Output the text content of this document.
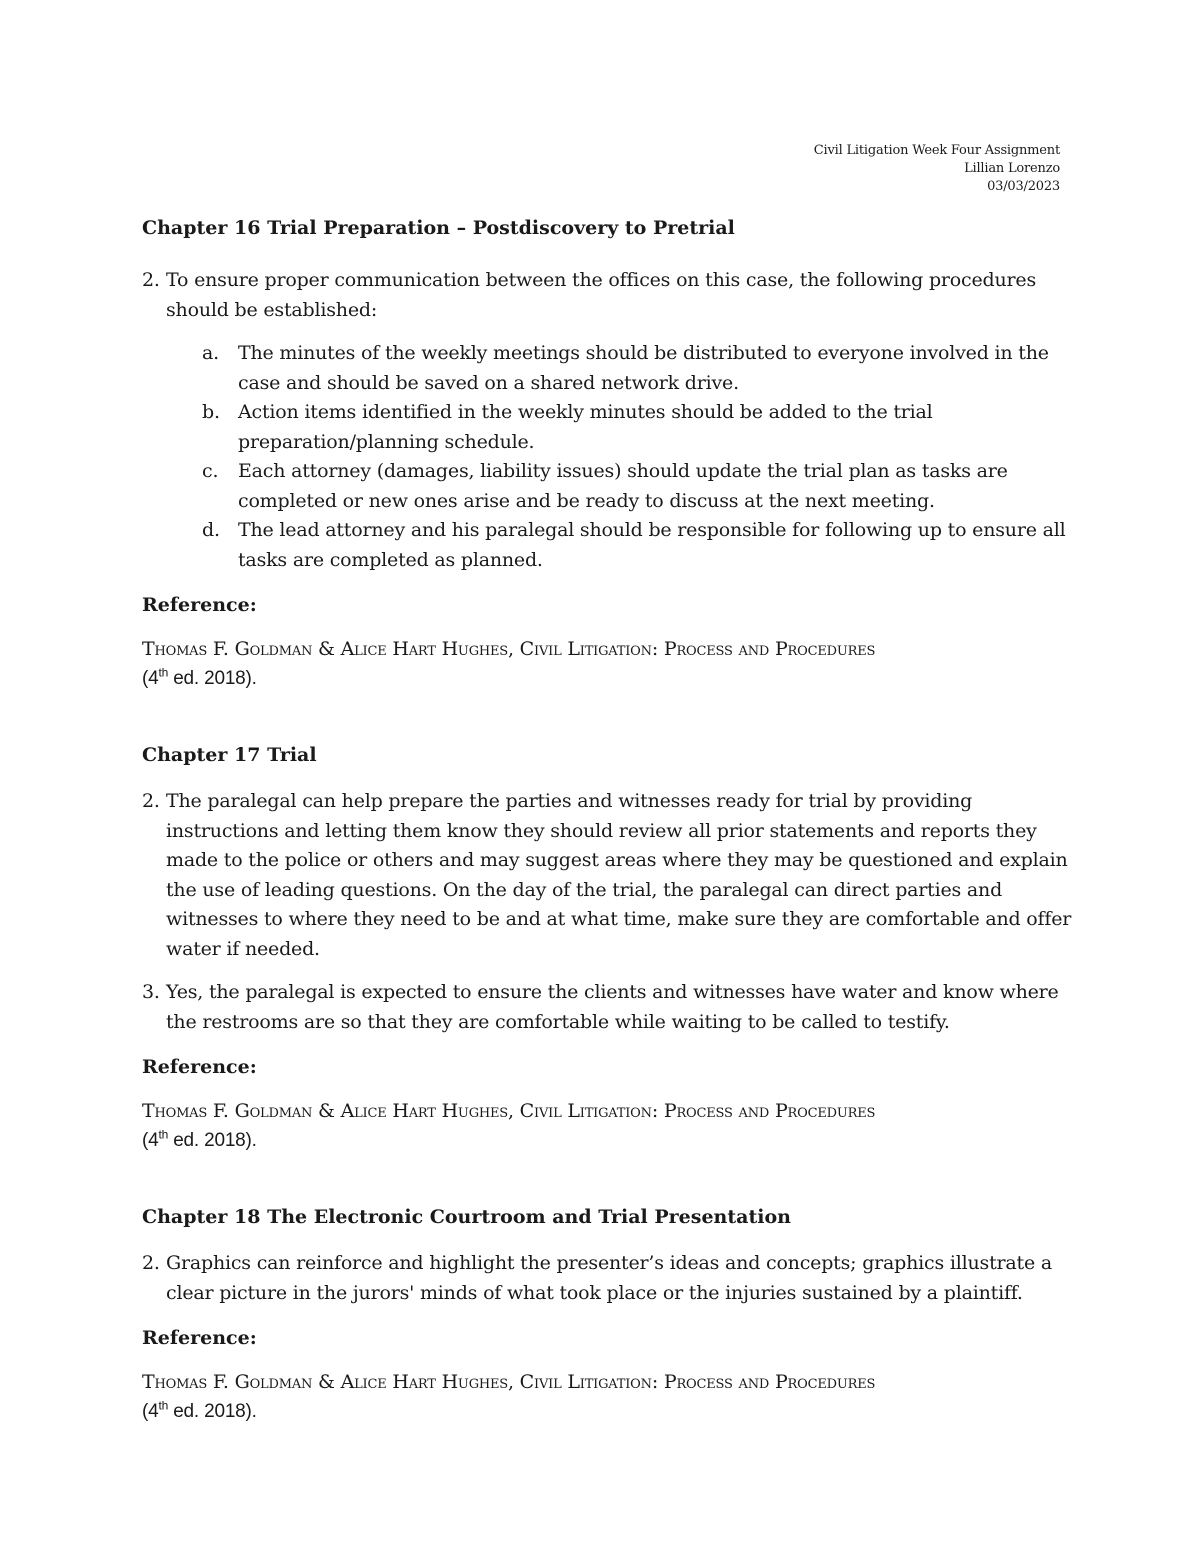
Civil Litigation Week Four Assignment
Lillian Lorenzo
03/03/2023
Chapter 16 Trial Preparation – Postdiscovery to Pretrial
2. To ensure proper communication between the offices on this case, the following procedures should be established:
a.	The minutes of the weekly meetings should be distributed to everyone involved in the case and should be saved on a shared network drive.
b. Action items identified in the weekly minutes should be added to the trial preparation/planning schedule.
c.	Each attorney (damages, liability issues) should update the trial plan as tasks are completed or new ones arise and be ready to discuss at the next meeting.
d. The lead attorney and his paralegal should be responsible for following up to ensure all tasks are completed as planned.
Reference:
Thomas F. Goldman & Alice Hart Hughes, Civil Litigation: Process and Procedures
(4th ed. 2018).
Chapter 17 Trial
2. The paralegal can help prepare the parties and witnesses ready for trial by providing instructions and letting them know they should review all prior statements and reports they made to the police or others and may suggest areas where they may be questioned and explain the use of leading questions. On the day of the trial, the paralegal can direct parties and witnesses to where they need to be and at what time, make sure they are comfortable and offer water if needed.
3. Yes, the paralegal is expected to ensure the clients and witnesses have water and know where the restrooms are so that they are comfortable while waiting to be called to testify.
Reference:
Thomas F. Goldman & Alice Hart Hughes, Civil Litigation: Process and Procedures
(4th ed. 2018).
Chapter 18 The Electronic Courtroom and Trial Presentation
2. Graphics can reinforce and highlight the presenter’s ideas and concepts; graphics illustrate a clear picture in the jurors' minds of what took place or the injuries sustained by a plaintiff.
Reference:
Thomas F. Goldman & Alice Hart Hughes, Civil Litigation: Process and Procedures
(4th ed. 2018).
